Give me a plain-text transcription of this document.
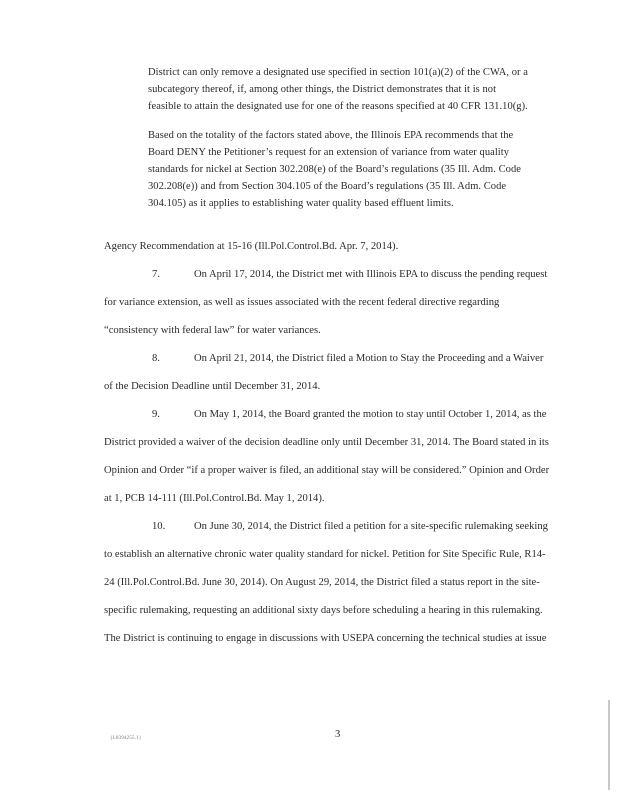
District can only remove a designated use specified in section 101(a)(2) of the CWA, or a subcategory thereof, if, among other things, the District demonstrates that it is not feasible to attain the designated use for one of the reasons specified at 40 CFR 131.10(g).

Based on the totality of the factors stated above, the Illinois EPA recommends that the Board DENY the Petitioner’s request for an extension of variance from water quality standards for nickel at Section 302.208(e) of the Board’s regulations (35 Ill. Adm. Code 302.208(e)) and from Section 304.105 of the Board’s regulations (35 Ill. Adm. Code 304.105) as it applies to establishing water quality based effluent limits.

Agency Recommendation at 15-16 (Ill.Pol.Control.Bd. Apr. 7, 2014).

7.	On April 17, 2014, the District met with Illinois EPA to discuss the pending request for variance extension, as well as issues associated with the recent federal directive regarding “consistency with federal law” for water variances.

8.	On April 21, 2014, the District filed a Motion to Stay the Proceeding and a Waiver of the Decision Deadline until December 31, 2014.

9.	On May 1, 2014, the Board granted the motion to stay until October 1, 2014, as the District provided a waiver of the decision deadline only until December 31, 2014. The Board stated in its Opinion and Order “if a proper waiver is filed, an additional stay will be considered.” Opinion and Order at 1, PCB 14-111 (Ill.Pol.Control.Bd. May 1, 2014).

10.	On June 30, 2014, the District filed a petition for a site-specific rulemaking seeking to establish an alternative chronic water quality standard for nickel. Petition for Site Specific Rule, R14-24 (Ill.Pol.Control.Bd. June 30, 2014). On August 29, 2014, the District filed a status report in the site-specific rulemaking, requesting an additional sixty days before scheduling a hearing in this rulemaking. The District is continuing to engage in discussions with USEPA concerning the technical studies at issue

{L0394255.1}	3
